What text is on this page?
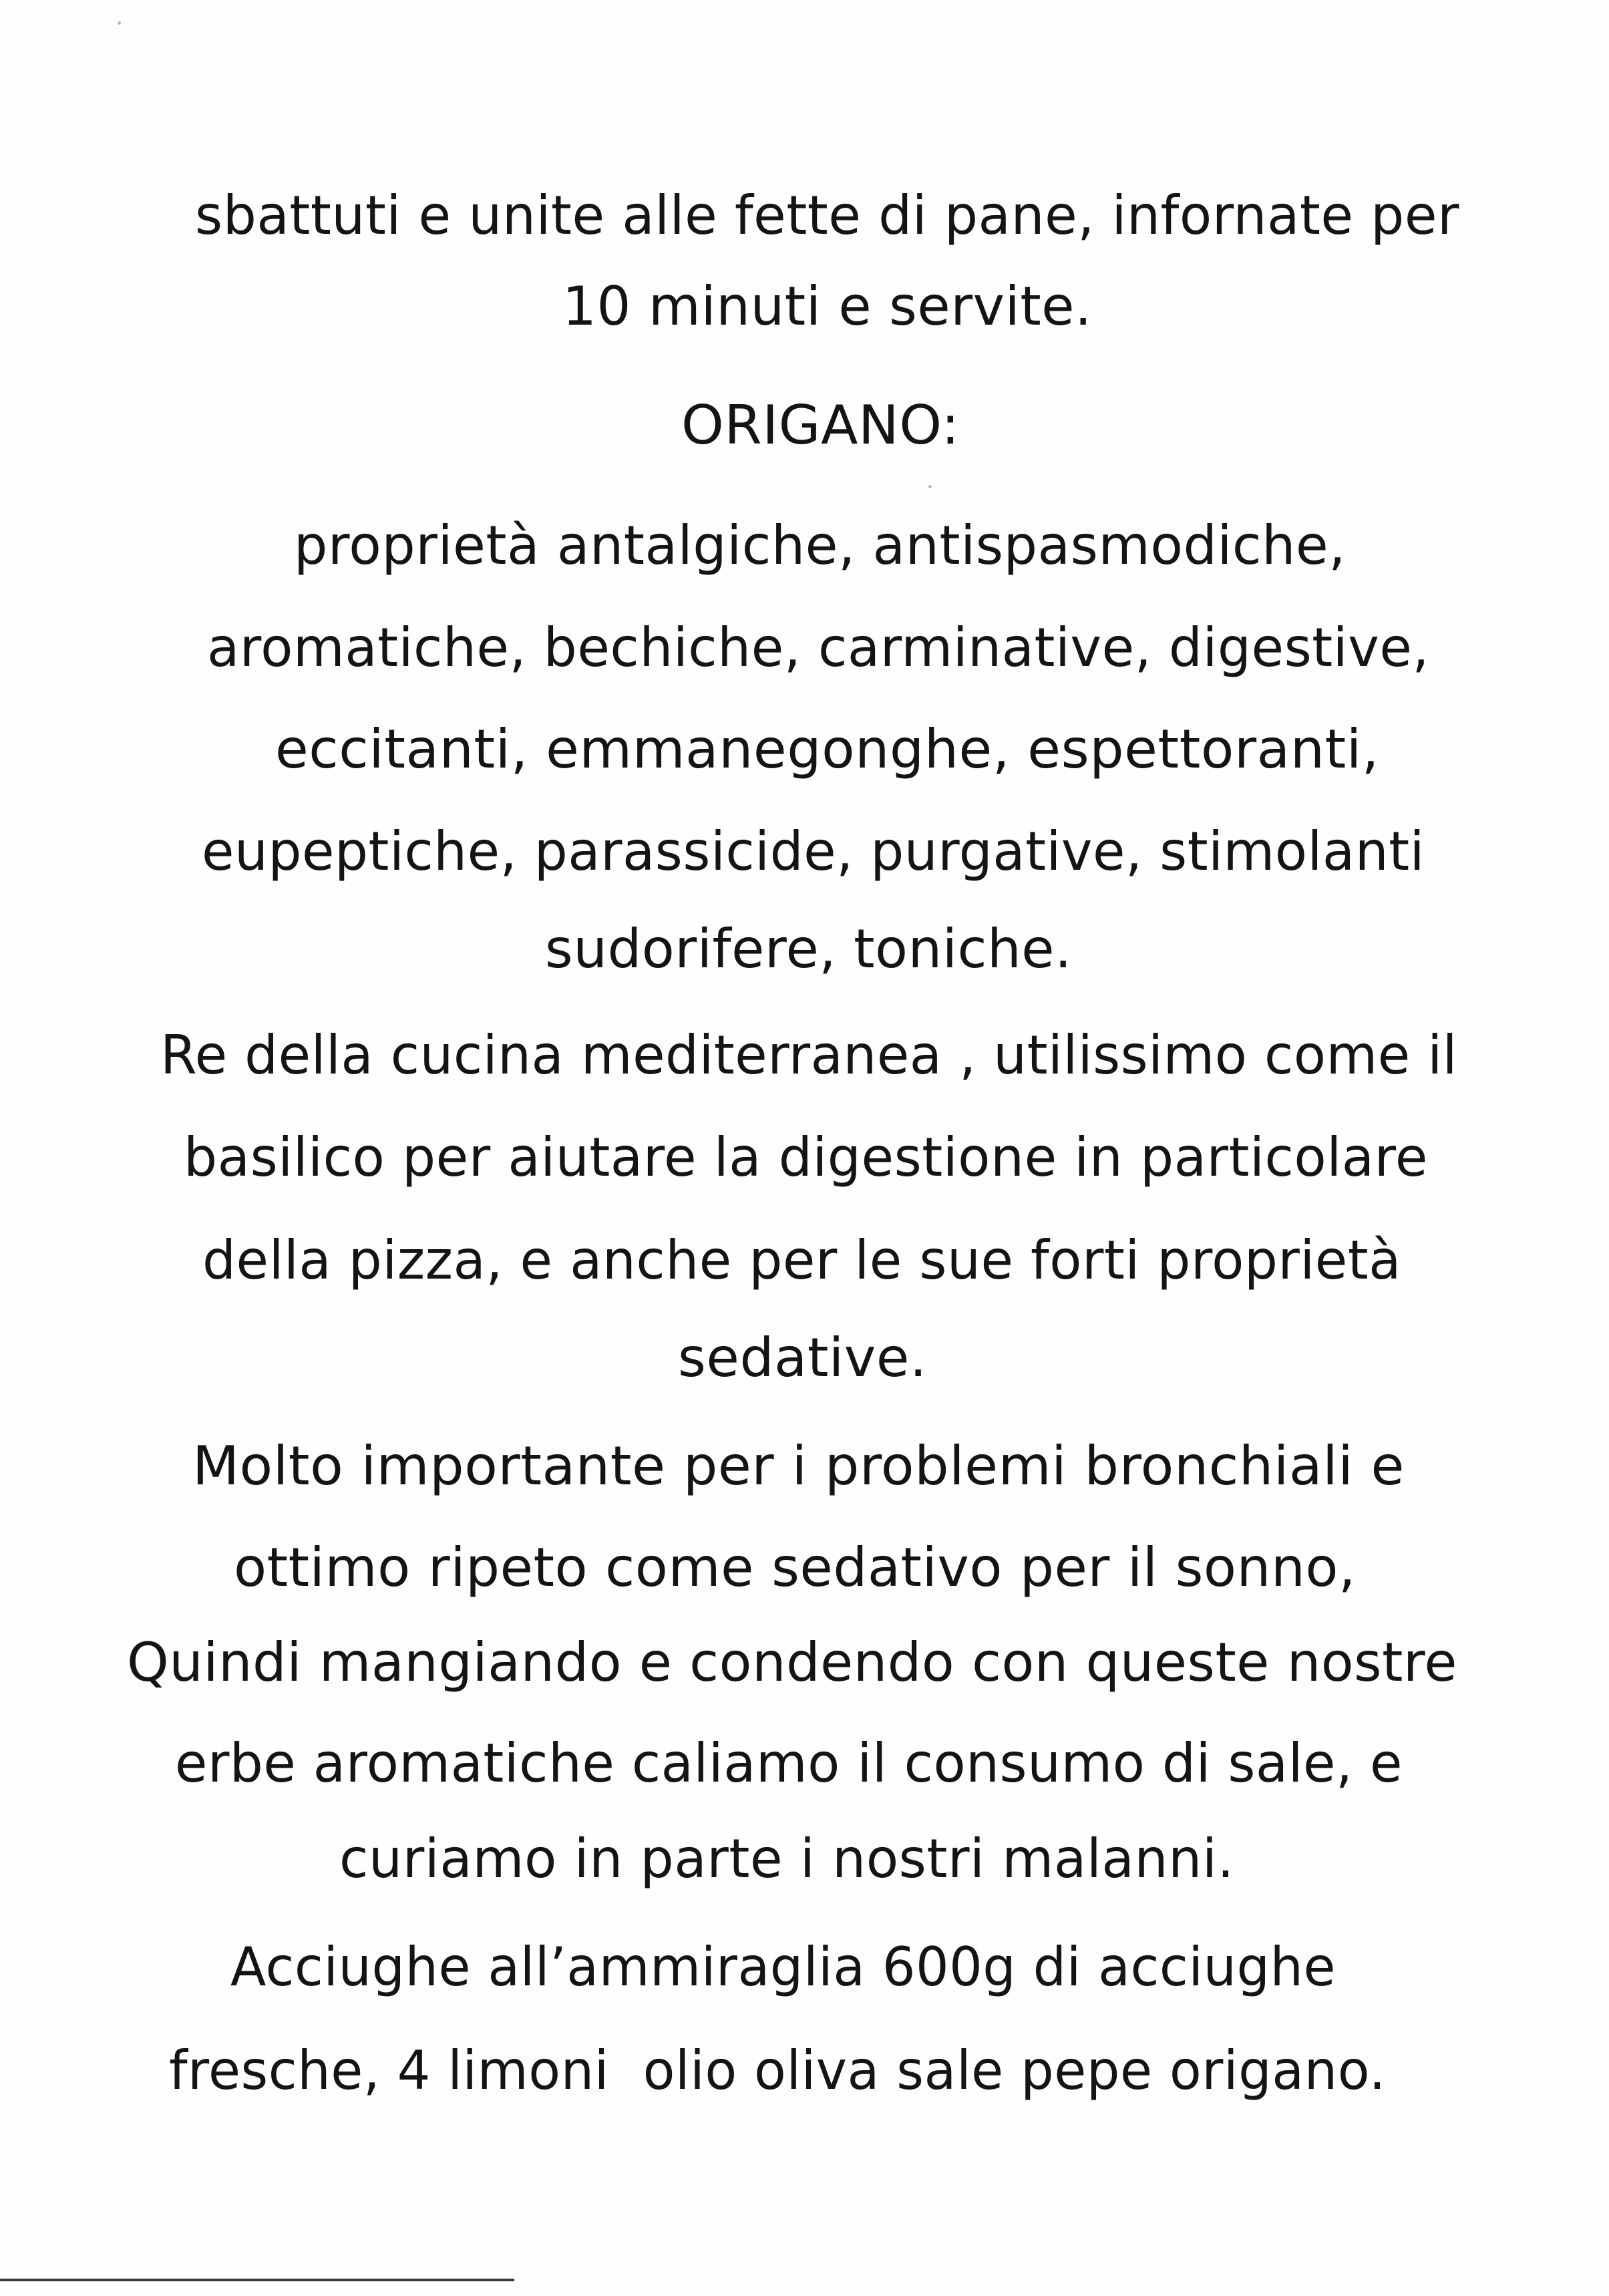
sbattuti e unite alle fette di pane, infornate per
10 minuti e servite.
ORIGANO:
proprietà antalgiche, antispasmodiche,
aromatiche, bechiche, carminative, digestive,
eccitanti, emmanegonghe, espettoranti,
eupeptiche, parassicide, purgative, stimolanti
sudorifere, toniche.
Re della cucina mediterranea , utilissimo come il
basilico per aiutare la digestione in particolare
della pizza, e anche per le sue forti proprietà
sedative.
Molto importante per i problemi bronchiali e
ottimo ripeto come sedativo per il sonno,
Quindi mangiando e condendo con queste nostre
erbe aromatiche caliamo il consumo di sale, e
curiamo in parte i nostri malanni.
Acciughe all’ammiraglia 600g di acciughe
fresche, 4 limoni  olio oliva sale pepe origano.
